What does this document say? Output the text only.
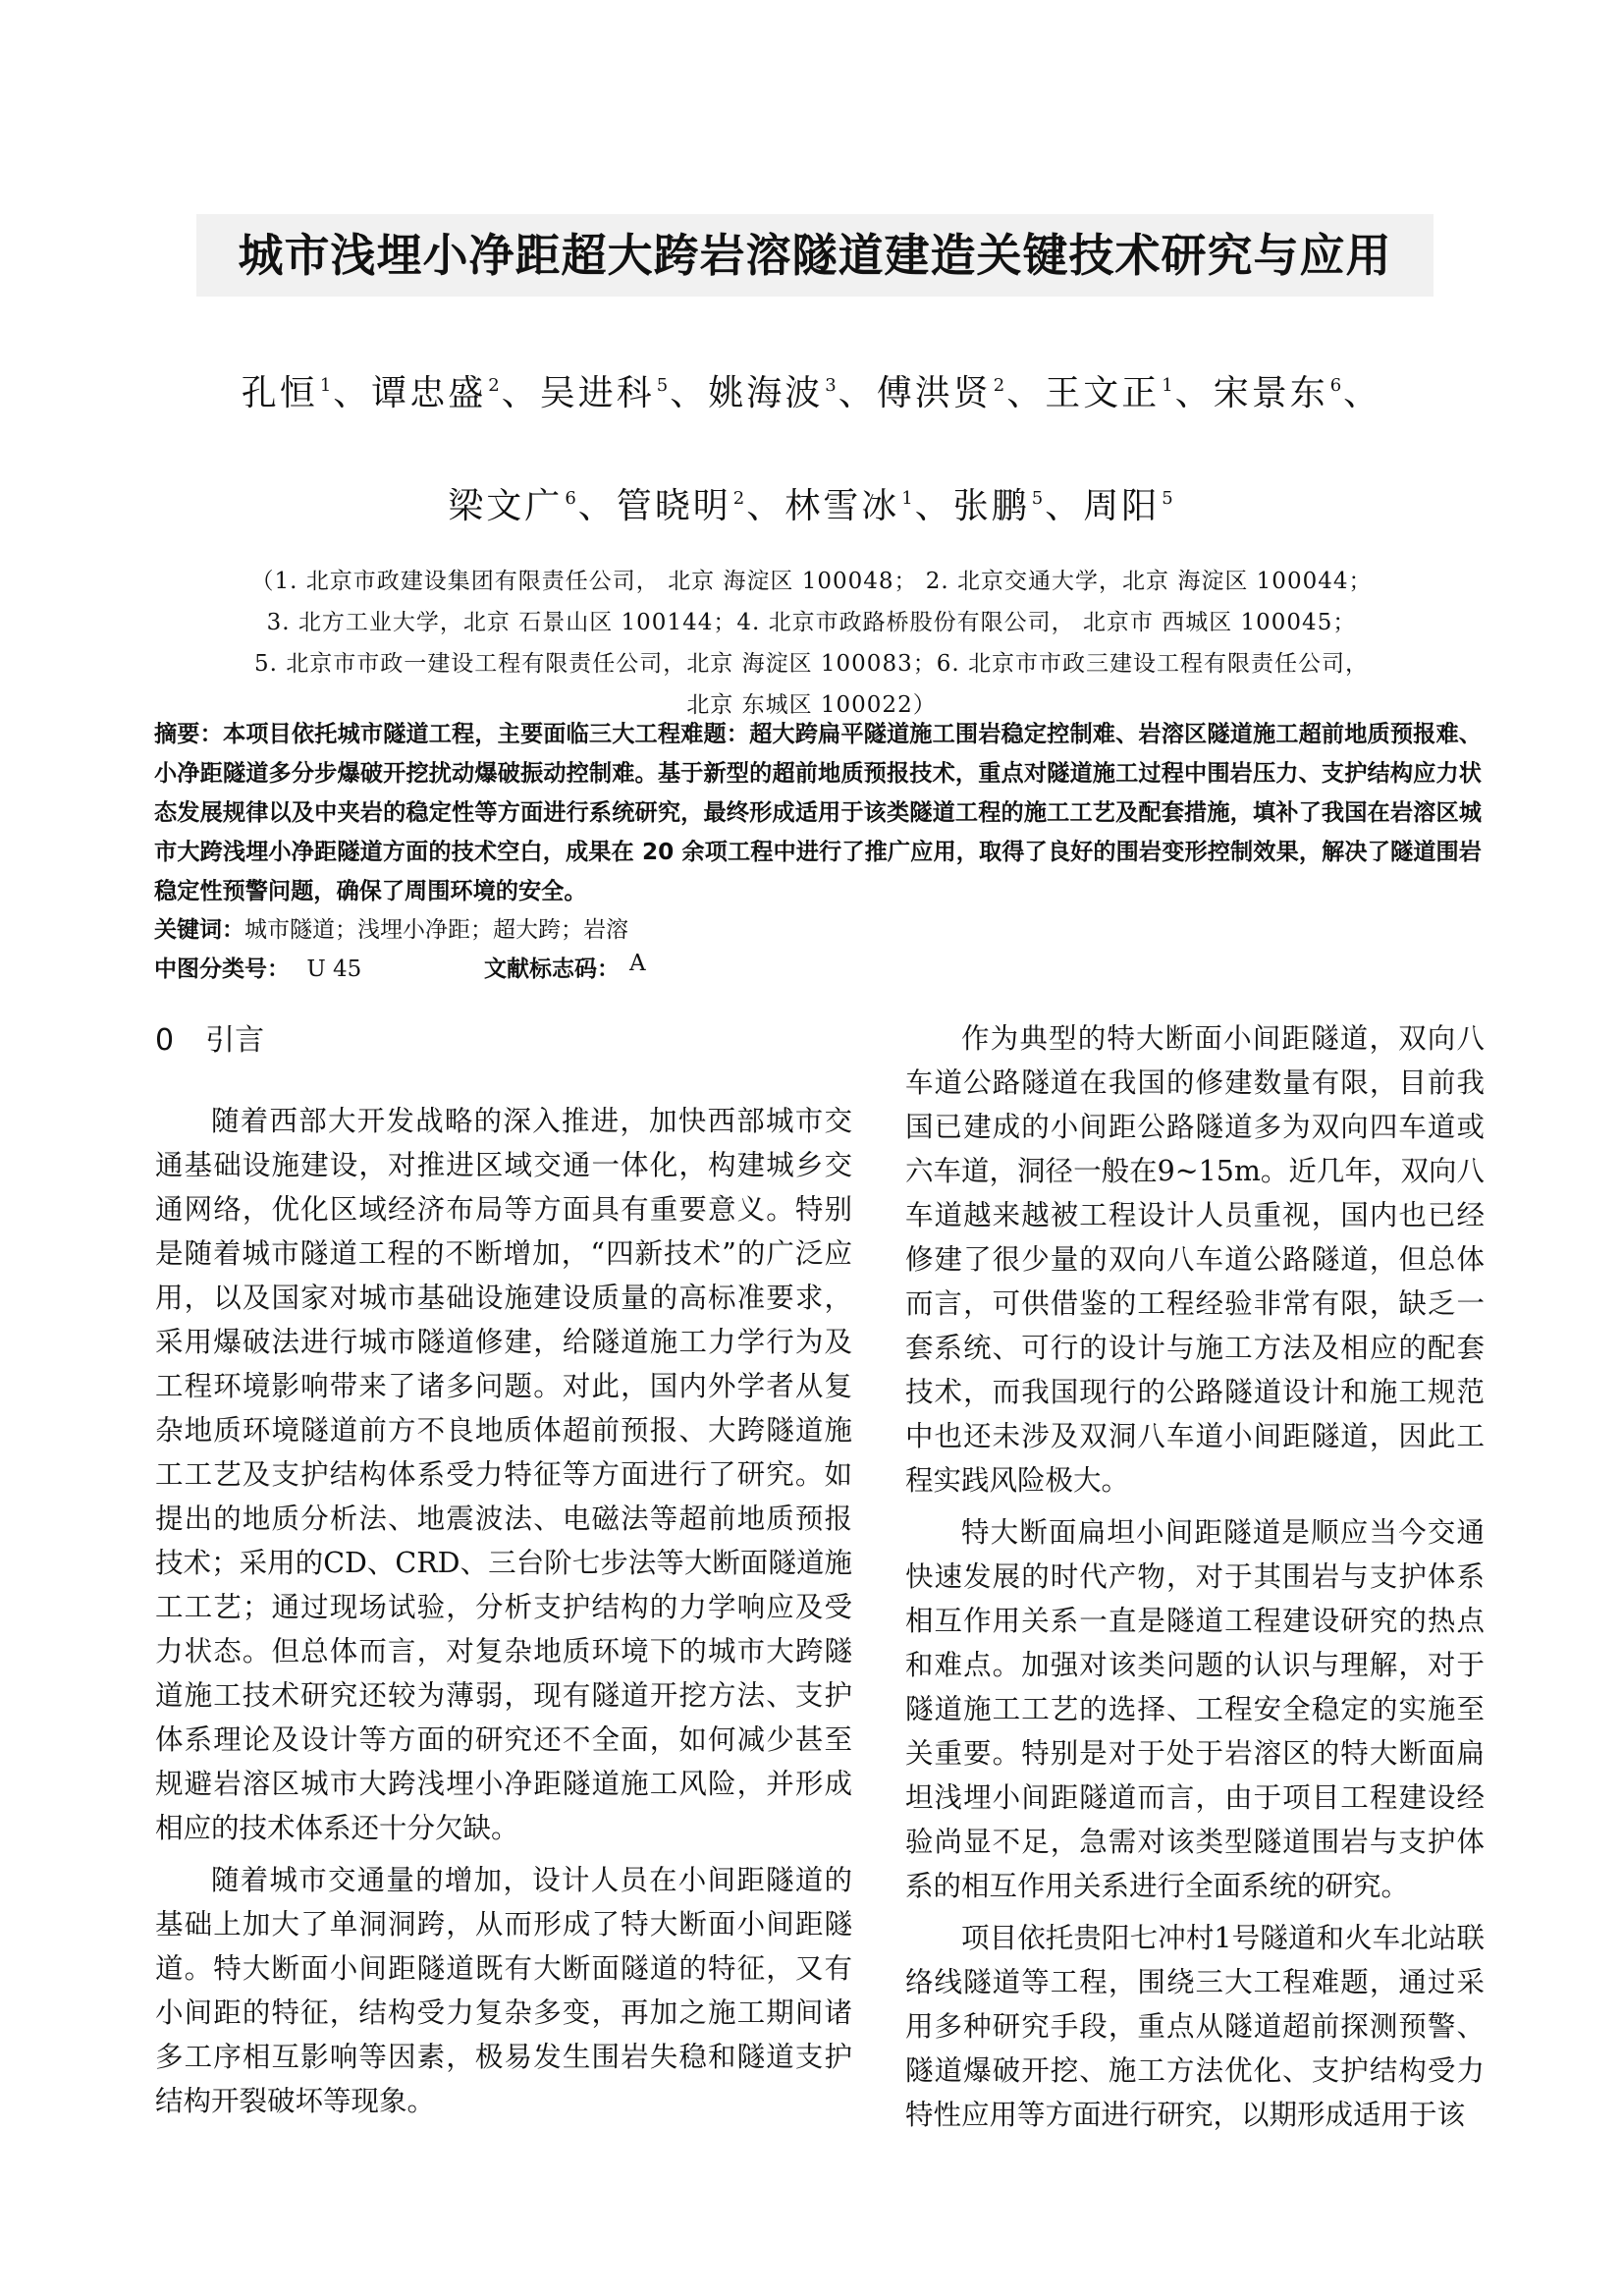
城市浅埋小净距超大跨岩溶隧道建造关键技术研究与应用
孔恒 $^1$、谭忠盛 $^2$、吴进科 $^5$、姚海波 $^3$、傅洪贤 $^2$、王文正 $^1$、宋景东 $^6$、
梁文广 $^6$、管晓明 $^2$、林雪冰 $^1$、张鹏 $^5$、周阳 $^5$
（1. 北京市政建设集团有限责任公司， 北京 海淀区 100048； 2. 北京交通大学，北京 海淀区 100044；
3. 北方工业大学，北京 石景山区 100144；4. 北京市政路桥股份有限公司， 北京市 西城区 100045；
5. 北京市市政一建设工程有限责任公司，北京 海淀区 100083；6. 北京市市政三建设工程有限责任公司，
北京 东城区 100022）

摘要：本项目依托城市隧道工程，主要面临三大工程难题：超大跨扁平隧道施工围岩稳定控制难、岩溶区隧道施工超前地质预报难、小净距隧道多分步爆破开挖扰动爆破振动控制难。基于新型的超前地质预报技术，重点对隧道施工过程中围岩压力、支护结构应力状态发展规律以及中夹岩的稳定性等方面进行系统研究，最终形成适用于该类隧道工程的施工工艺及配套措施，填补了我国在岩溶区城市大跨浅埋小净距隧道方面的技术空白，成果在 20 余项工程中进行了推广应用，取得了良好的围岩变形控制效果，解决了隧道围岩稳定性预警问题，确保了周围环境的安全。

关键词：城市隧道；浅埋小净距；超大跨；岩溶
中图分类号： U 45	文献标志码： A
0 引言

随着西部大开发战略的深入推进，加快西部城市交通基础设施建设，对推进区域交通一体化，构建城乡交通网络，优化区域经济布局等方面具有重要意义。特别是随着城市隧道工程的不断增加，“四新技术”的广泛应用，以及国家对城市基础设施建设质量的高标准要求，采用爆破法进行城市隧道修建，给隧道施工力学行为及工程环境影响带来了诸多问题。对此，国内外学者从复杂地质环境隧道前方不良地质体超前预报、大跨隧道施工工艺及支护结构体系受力特征等方面进行了研究。如提出的地质分析法、地震波法、电磁法等超前地质预报技术；采用的CD、CRD、三台阶七步法等大断面隧道施工工艺；通过现场试验，分析支护结构的力学响应及受力状态。但总体而言，对复杂地质环境下的城市大跨隧道施工技术研究还较为薄弱，现有隧道开挖方法、支护体系理论及设计等方面的研究还不全面，如何减少甚至规避岩溶区城市大跨浅埋小净距隧道施工风险，并形成相应的技术体系还十分欠缺。

随着城市交通量的增加，设计人员在小间距隧道的基础上加大了单洞洞跨，从而形成了特大断面小间距隧道。特大断面小间距隧道既有大断面隧道的特征，又有小间距的特征，结构受力复杂多变，再加之施工期间诸多工序相互影响等因素，极易发生围岩失稳和隧道支护结构开裂破坏等现象。

作为典型的特大断面小间距隧道，双向八车道公路隧道在我国的修建数量有限，目前我国已建成的小间距公路隧道多为双向四车道或六车道，洞径一般在9~15m。近几年，双向八车道越来越被工程设计人员重视，国内也已经修建了很少量的双向八车道公路隧道，但总体而言，可供借鉴的工程经验非常有限，缺乏一套系统、可行的设计与施工方法及相应的配套技术，而我国现行的公路隧道设计和施工规范中也还未涉及双洞八车道小间距隧道，因此工程实践风险极大。

特大断面扁坦小间距隧道是顺应当今交通快速发展的时代产物，对于其围岩与支护体系相互作用关系一直是隧道工程建设研究的热点和难点。加强对该类问题的认识与理解，对于隧道施工工艺的选择、工程安全稳定的实施至关重要。特别是对于处于岩溶区的特大断面扁坦浅埋小间距隧道而言，由于项目工程建设经验尚显不足，急需对该类型隧道围岩与支护体系的相互作用关系进行全面系统的研究。

项目依托贵阳七冲村1号隧道和火车北站联络线隧道等工程，围绕三大工程难题，通过采用多种研究手段，重点从隧道超前探测预警、隧道爆破开挖、施工方法优化、支护结构受力特性应用等方面进行研究，以期形成适用于该
